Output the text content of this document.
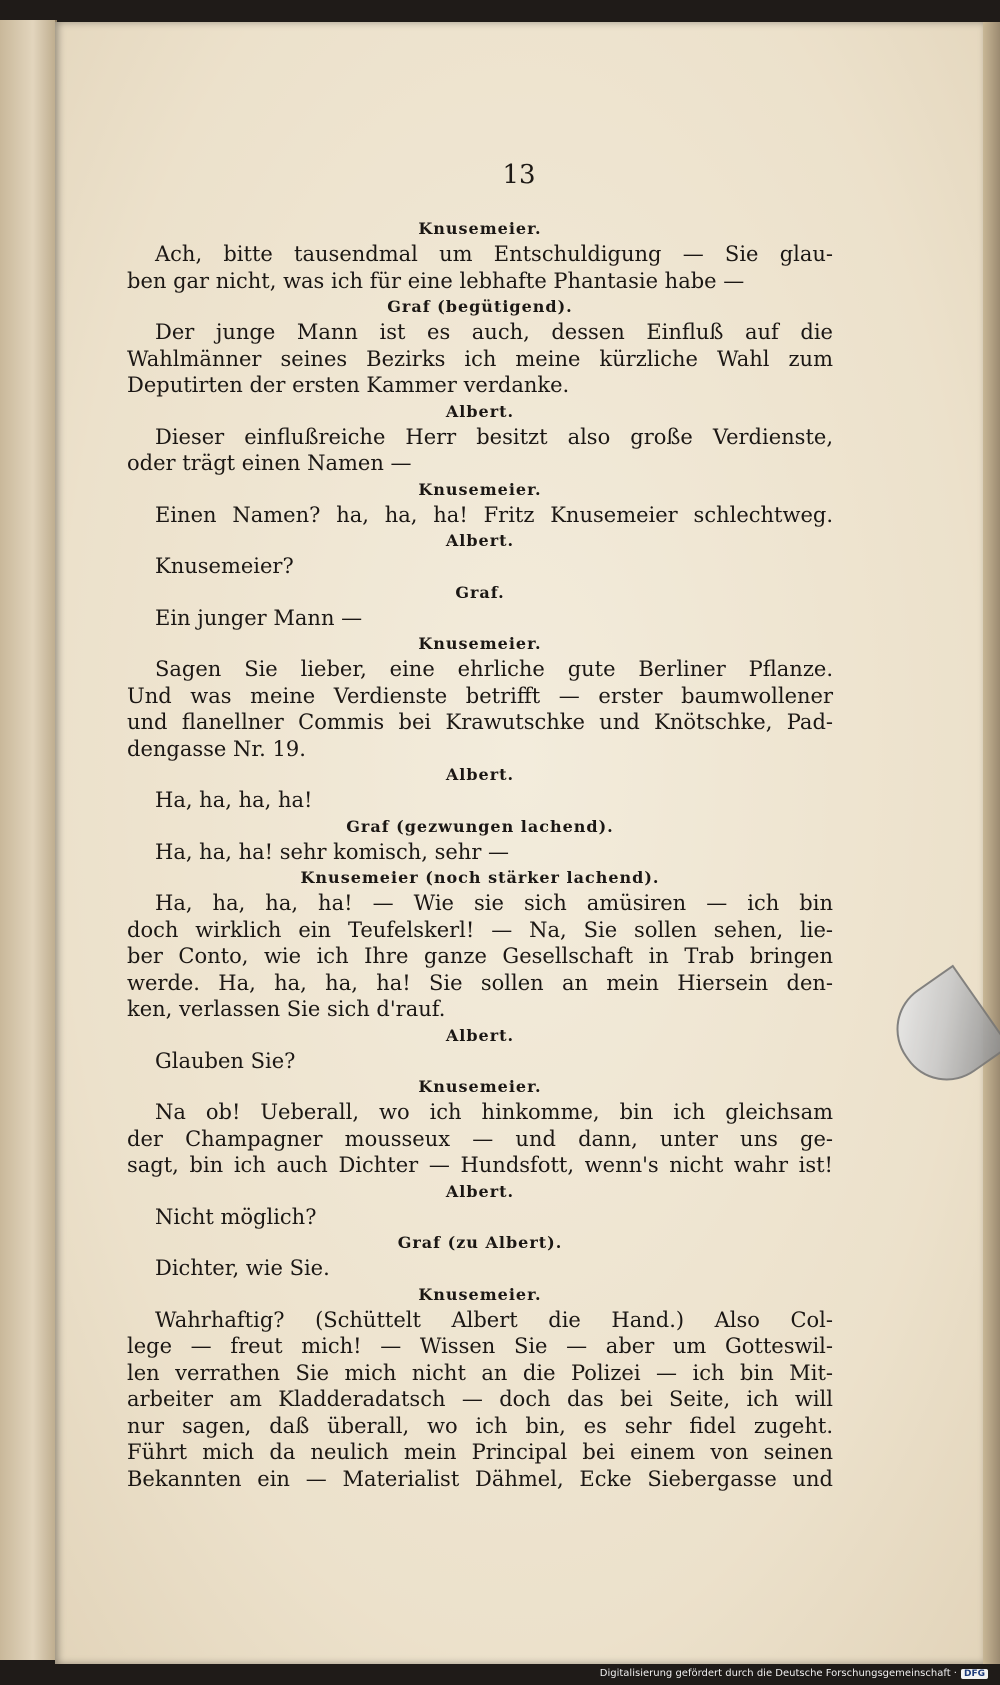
13
Knusemeier.
Ach, bitte tausendmal um Entschuldigung — Sie glau-
ben gar nicht, was ich für eine lebhafte Phantasie habe —
Graf (begütigend).
Der junge Mann ist es auch, dessen Einfluß auf die
Wahlmänner seines Bezirks ich meine kürzliche Wahl zum
Deputirten der ersten Kammer verdanke.
Albert.
Dieser einflußreiche Herr besitzt also große Verdienste,
oder trägt einen Namen —
Knusemeier.
Einen Namen? ha, ha, ha! Fritz Knusemeier schlechtweg.
Albert.
Knusemeier?
Graf.
Ein junger Mann —
Knusemeier.
Sagen Sie lieber, eine ehrliche gute Berliner Pflanze.
Und was meine Verdienste betrifft — erster baumwollener
und flanellner Commis bei Krawutschke und Knötschke, Pad-
dengasse Nr. 19.
Albert.
Ha, ha, ha, ha!
Graf (gezwungen lachend).
Ha, ha, ha! sehr komisch, sehr —
Knusemeier (noch stärker lachend).
Ha, ha, ha, ha! — Wie sie sich amüsiren — ich bin
doch wirklich ein Teufelskerl! — Na, Sie sollen sehen, lie-
ber Conto, wie ich Ihre ganze Gesellschaft in Trab bringen
werde. Ha, ha, ha, ha! Sie sollen an mein Hiersein den-
ken, verlassen Sie sich d'rauf.
Albert.
Glauben Sie?
Knusemeier.
Na ob! Ueberall, wo ich hinkomme, bin ich gleichsam
der Champagner mousseux — und dann, unter uns ge-
sagt, bin ich auch Dichter — Hundsfott, wenn's nicht wahr ist!
Albert.
Nicht möglich?
Graf (zu Albert).
Dichter, wie Sie.
Knusemeier.
Wahrhaftig? (Schüttelt Albert die Hand.) Also Col-
lege — freut mich! — Wissen Sie — aber um Gotteswil-
len verrathen Sie mich nicht an die Polizei — ich bin Mit-
arbeiter am Kladderadatsch — doch das bei Seite, ich will
nur sagen, daß überall, wo ich bin, es sehr fidel zugeht.
Führt mich da neulich mein Principal bei einem von seinen
Bekannten ein — Materialist Dähmel, Ecke Siebergasse und
Digitalisierung gefördert durch die Deutsche Forschungsgemeinschaft · DFG
